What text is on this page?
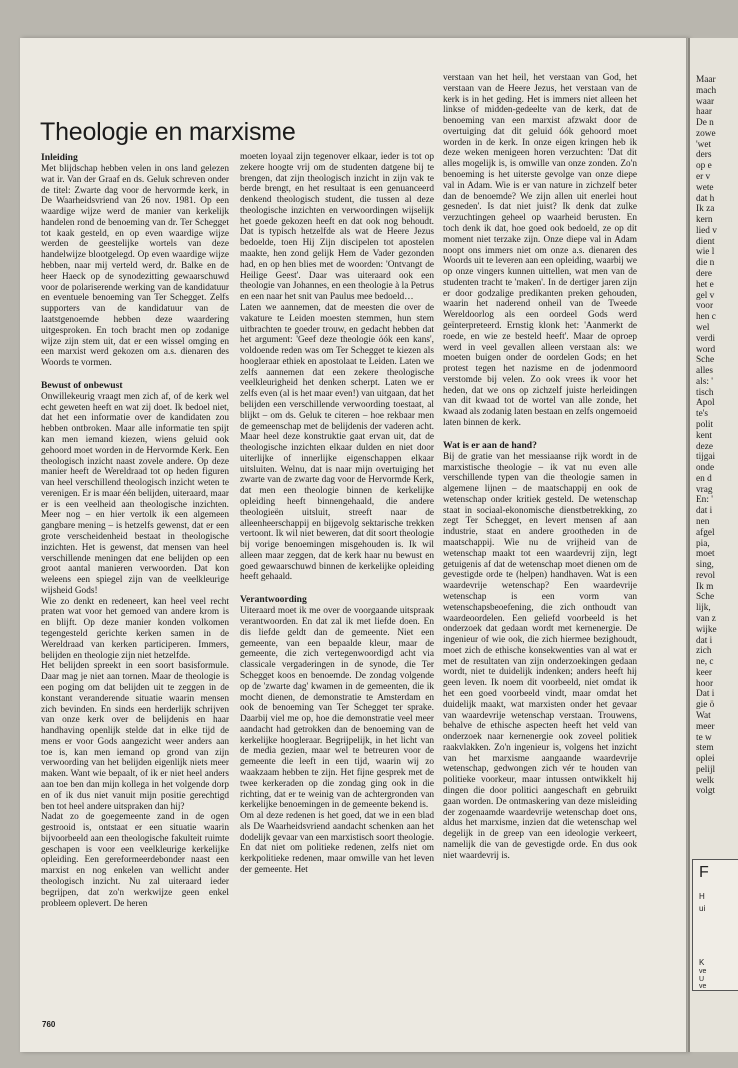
Maar
mach
waar
haar
De n
zowe
'wet
ders
op e
er v
wete
dat h
Ik za
kern
lied v
dient
wie l
die n
dere
het e
gel v
voor
hen c
wel
verdi
word
Sche
alles
als: '
tisch
Apol
te's
polit
kent
deze
tijgai
onde
en d
vrag
En: '
dat i
nen
afgel
pia,
moet
sing,
revol
Ik m
Sche
lijk,
van z
wijke
dat i
zich
ne, c
keer
hoor
Dat i
gie ö
Wat
meer
te w
stem
oplei
pelijl
welk
volgt
F
H
ui
K
ve
U
ve
Theologie en marxisme
Inleiding

Met blijdschap hebben velen in ons land gelezen wat ir. Van der Graaf en ds. Geluk schreven onder de titel: Zwarte dag voor de hervormde kerk, in De Waarheidsvriend van 26 nov. 1981. Op een waardige wijze werd de manier van kerkelijk handelen rond de benoeming van dr. Ter Schegget tot kaak gesteld, en op even waardige wijze werden de geestelijke wortels van deze handelwijze blootgelegd. Op even waardige wijze hebben, naar mij verteld werd, dr. Balke en de heer Haeck op de synodezitting gewaarschuwd voor de polariserende werking van de kandidatuur en eventuele benoeming van Ter Schegget. Zelfs supporters van de kandidatuur van de laatstgenoemde hebben deze waardering uitgesproken. En toch bracht men op zodanige wijze zijn stem uit, dat er een wissel omging en een marxist werd gekozen om a.s. dienaren des Woords te vormen.

Bewust of onbewust

Onwillekeurig vraagt men zich af, of de kerk wel echt geweten heeft en wat zij doet. Ik bedoel niet, dat het een informatie over de kandidaten zou hebben ontbroken. Maar alle informatie ten spijt kan men iemand kiezen, wiens geluid ook gehoord moet worden in de Hervormde Kerk. Een theologisch inzicht naast zovele andere. Op deze manier heeft de Wereldraad tot op heden figuren van heel verschillend theologisch inzicht weten te verenigen. Er is maar één belijden, uiteraard, maar er is een veelheid aan theologische inzichten. Meer nog – en hier vertolk ik een algemeen gangbare mening – is hetzelfs gewenst, dat er een grote verscheidenheid bestaat in theologische inzichten. Het is gewenst, dat mensen van heel verschillende meningen dat ene belijden op een groot aantal manieren verwoorden. Dat kon weleens een spiegel zijn van de veelkleurige wijsheid Gods!

Wie zo denkt en redeneert, kan heel veel recht praten wat voor het gemoed van andere krom is en blijft. Op deze manier konden volkomen tegengesteld gerichte kerken samen in de Wereldraad van kerken participeren. Immers, belijden en theologie zijn niet hetzelfde.

Het belijden spreekt in een soort basisformule. Daar mag je niet aan tornen. Maar de theologie is een poging om dat belijden uit te zeggen in de konstant veranderende situatie waarin mensen zich bevinden. En sinds een herderlijk schrijven van onze kerk over de belijdenis en haar handhaving openlijk stelde dat in elke tijd de mens er voor Gods aangezicht weer anders aan toe is, kan men iemand op grond van zijn verwoording van het belijden eigenlijk niets meer maken. Want wie bepaalt, of ik er niet heel anders aan toe ben dan mijn kollega in het volgende dorp en of ik dus niet vanuit mijn positie gerechtigd ben tot heel andere uitspraken dan hij?

Nadat zo de goegemeente zand in de ogen gestrooid is, ontstaat er een situatie waarin bijvoorbeeld aan een theologische fakulteit ruimte geschapen is voor een veelkleurige kerkelijke opleiding. Een gereformeerdebonder naast een marxist en nog enkelen van wellicht ander theologisch inzicht. Nu zal uiteraard ieder begrijpen, dat zo'n werkwijze geen enkel probleem oplevert. De heren

moeten loyaal zijn tegenover elkaar, ieder is tot op zekere hoogte vrij om de studenten datgene bij te brengen, dat zijn theologisch inzicht in zijn vak te berde brengt, en het resultaat is een genuanceerd denkend theologisch student, die tussen al deze theologische inzichten en verwoordingen wijselijk het goede gekozen heeft en dat ook nog behoudt. Dat is typisch hetzelfde als wat de Heere Jezus bedoelde, toen Hij Zijn discipelen tot apostelen maakte, hen zond gelijk Hem de Vader gezonden had, en op hen blies met de woorden: 'Ontvangt de Heilige Geest'. Daar was uiteraard ook een theologie van Johannes, en een theologie à la Petrus en een naar het snit van Paulus mee bedoeld…

Laten we aannemen, dat de meesten die over de vakature te Leiden moesten stemmen, hun stem uitbrachten te goeder trouw, en gedacht hebben dat het argument: 'Geef deze theologie óók een kans', voldoende reden was om Ter Schegget te kiezen als hoogleraar ethiek en apostolaat te Leiden. Laten we zelfs aannemen dat een zekere theologische veelkleurigheid het denken scherpt. Laten we er zelfs even (al is het maar even!) van uitgaan, dat het belijden een verschillende verwoording toestaat, al blijkt – om ds. Geluk te citeren – hoe rekbaar men de gemeenschap met de belijdenis der vaderen acht. Maar heel deze konstruktie gaat ervan uit, dat de theologische inzichten elkaar dulden en niet door uiterlijke of innerlijke eigenschappen elkaar uitsluiten. Welnu, dat is naar mijn overtuiging het zwarte van de zwarte dag voor de Hervormde Kerk, dat men een theologie binnen de kerkelijke opleiding heeft binnengehaald, die andere theologieën uitsluit, streeft naar de alleenheerschappij en bijgevolg sektarische trekken vertoont. Ik wil niet beweren, dat dit soort theologie bij vorige benoemingen misgehouden is. Ik wil alleen maar zeggen, dat de kerk haar nu bewust en goed gewaarschuwd binnen de kerkelijke opleiding heeft gehaald.

Verantwoording

Uiteraard moet ik me over de voorgaande uitspraak verantwoorden. En dat zal ik met liefde doen. En dis liefde geldt dan de gemeente. Niet een gemeente, van een bepaalde kleur, maar de gemeente, die zich vertegenwoordigd acht via classicale vergaderingen in de synode, die Ter Schegget koos en benoemde. De zondag volgende op de 'zwarte dag' kwamen in de gemeenten, die ik mocht dienen, de demonstratie te Amsterdam en ook de benoeming van Ter Schegget ter sprake. Daarbij viel me op, hoe die demonstratie veel meer aandacht had getrokken dan de benoeming van de kerkelijke hoogleraar. Begrijpelijk, in het licht van de media gezien, maar wel te betreuren voor de gemeente die leeft in een tijd, waarin wij zo waakzaam hebben te zijn. Het fijne gesprek met de twee kerkeraden op die zondag ging ook in die richting, dat er te weinig van de achtergronden van kerkelijke benoemingen in de gemeente bekend is.

Om al deze redenen is het goed, dat we in een blad als De Waarheidsvriend aandacht schenken aan het dodelijk gevaar van een marxistisch soort theologie. En dat niet om politieke redenen, zelfs niet om kerkpolitieke redenen, maar omwille van het leven der gemeente. Het

verstaan van het heil, het verstaan van God, het verstaan van de Heere Jezus, het verstaan van de kerk is in het geding. Het is immers niet alleen het linkse of midden-gedeelte van de kerk, dat de benoeming van een marxist afzwakt door de overtuiging dat dit geluid óók gehoord moet worden in de kerk. In onze eigen kringen heb ik deze weken menigeen horen verzuchten: 'Dat dit alles mogelijk is, is omwille van onze zonden. Zo'n benoeming is het uiterste gevolge van onze diepe val in Adam. Wie is er van nature in zichzelf beter dan de benoemde? We zijn allen uit enerlei hout gesneden'. Is dat niet juist? Ik denk dat zulke verzuchtingen geheel op waarheid berusten. En toch denk ik dat, hoe goed ook bedoeld, ze op dit moment niet terzake zijn. Onze diepe val in Adam noopt ons immers niet om onze a.s. dienaren des Woords uit te leveren aan een opleiding, waarbij we op onze vingers kunnen uittellen, wat men van de studenten tracht te 'maken'. In de dertiger jaren zijn er door godzalige predikanten preken gehouden, waarin het naderend onheil van de Tweede Wereldoorlog als een oordeel Gods werd geïnterpreteerd. Ernstig klonk het: 'Aanmerkt de roede, en wie ze besteld heeft'. Maar de oproep werd in veel gevallen alleen verstaan als: we moeten buigen onder de oordelen Gods; en het protest tegen het nazisme en de jodenmoord verstomde bij velen. Zo ook vrees ik voor het heden, dat we ons op zichzelf juiste herleidingen van dit kwaad tot de wortel van alle zonde, het kwaad als zodanig laten bestaan en zelfs ongemoeid laten binnen de kerk.

Wat is er aan de hand?

Bij de gratie van het messiaanse rijk wordt in de marxistische theologie – ik vat nu even alle verschillende typen van die theologie samen in algemene lijnen – de maatschappij en ook de wetenschap onder kritiek gesteld. De wetenschap staat in sociaal-ekonomische dienstbetrekking, zo zegt Ter Schegget, en levert mensen af aan industrie, staat en andere grootheden in de maatschappij. Wie nu de vrijheid van de wetenschap maakt tot een waardevrij zijn, legt getuigenis af dat de wetenschap moet dienen om de gevestigde orde te (helpen) handhaven. Wat is een waardevrije wetenschap? Een waardevrije wetenschap is een vorm van wetenschapsbeoefening, die zich onthoudt van waardeoordelen. Een geliefd voorbeeld is het onderzoek dat gedaan wordt met kernenergie. De ingenieur of wie ook, die zich hiermee bezighoudt, moet zich de ethische konsekwenties van al wat er met de resultaten van zijn onderzoekingen gedaan wordt, niet te duidelijk indenken; anders heeft hij geen leven. Ik noem dit voorbeeld, niet omdat ik het een goed voorbeeld vindt, maar omdat het duidelijk maakt, wat marxisten onder het gevaar van waardevrije wetenschap verstaan. Trouwens, behalve de ethische aspecten heeft het veld van onderzoek naar kernenergie ook zoveel politiek raakvlakken. Zo'n ingenieur is, volgens het inzicht van het marxisme aangaande waardevrije wetenschap, gedwongen zich vér te houden van politieke voorkeur, maar intussen ontwikkelt hij dingen die door politici aangeschaft en gebruikt gaan worden. De ontmaskering van deze misleiding der zogenaamde waardevrije wetenschap doet ons, aldus het marxisme, inzien dat die wetenschap wel degelijk in de greep van een ideologie verkeert, namelijk die van de gevestigde orde. En dus ook niet waardevrij is.

760
